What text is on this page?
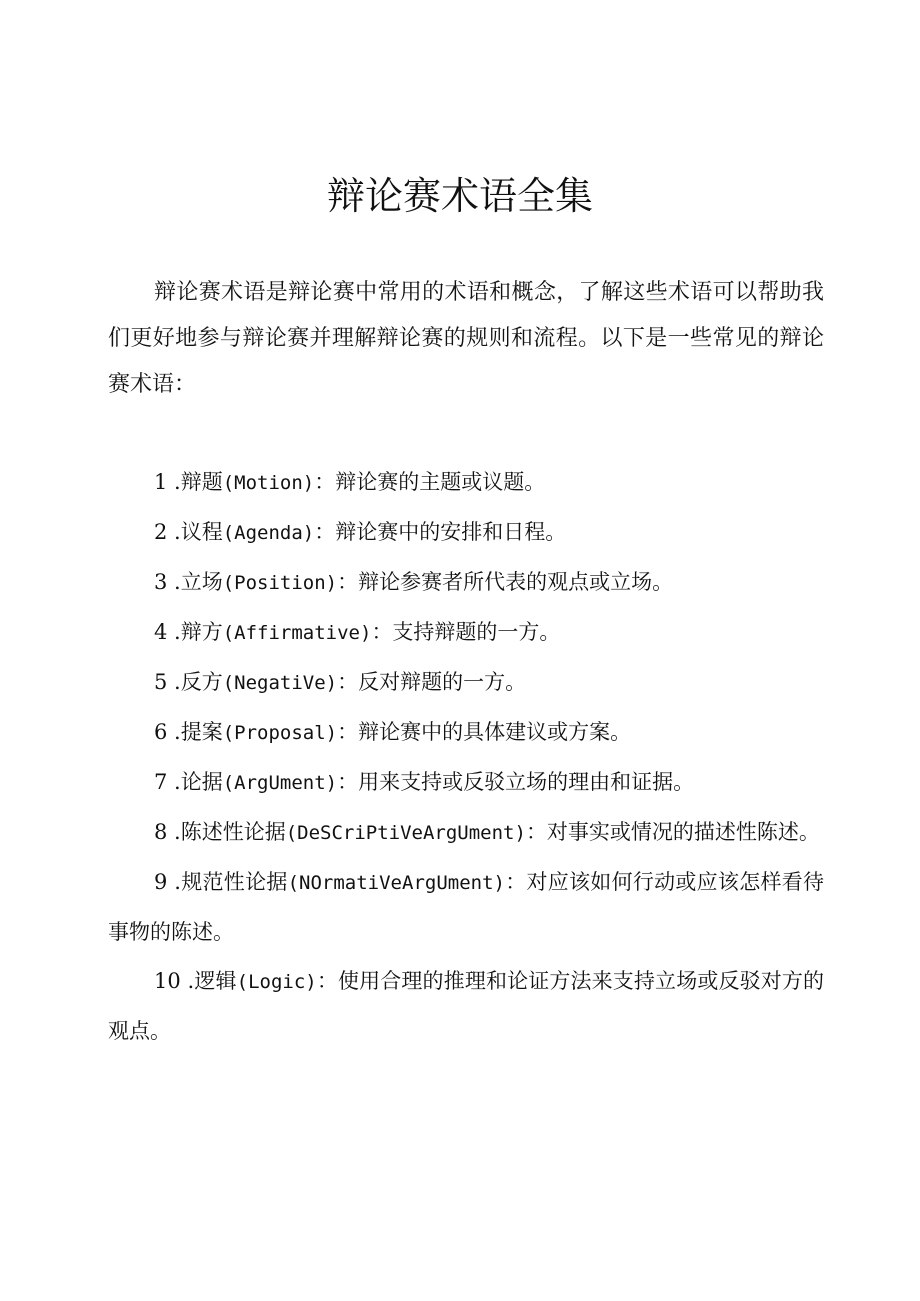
辩论赛术语全集

辩论赛术语是辩论赛中常用的术语和概念，了解这些术语可以帮助我们更好地参与辩论赛并理解辩论赛的规则和流程。以下是一些常见的辩论赛术语：

1 .辩题(Motion)：辩论赛的主题或议题。
2 .议程(Agenda)：辩论赛中的安排和日程。
3 .立场(Position)：辩论参赛者所代表的观点或立场。
4 .辩方(Affirmative)：支持辩题的一方。
5 .反方(NegatiVe)：反对辩题的一方。
6 .提案(Proposal)：辩论赛中的具体建议或方案。
7 .论据(ArgUment)：用来支持或反驳立场的理由和证据。
8 .陈述性论据(DeSCriPtiVeArgUment)：对事实或情况的描述性陈述。
9 .规范性论据(NOrmatiVeArgUment)：对应该如何行动或应该怎样看待事物的陈述。
10 .逻辑(Logic)：使用合理的推理和论证方法来支持立场或反驳对方的观点。
